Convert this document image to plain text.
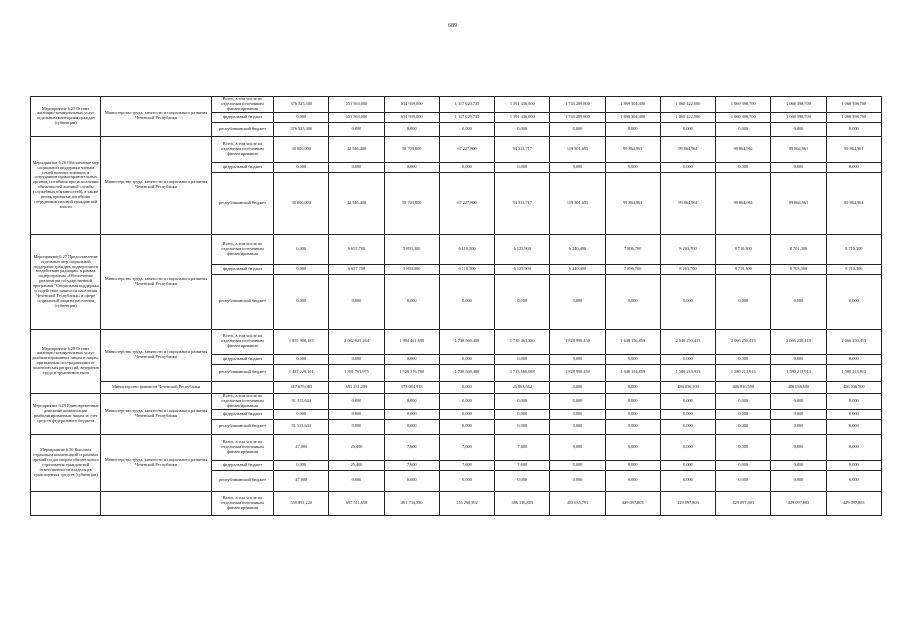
689
Мероприятие 6.25 Оплата жилищно-коммунальных услуг отдельным категориям граждан (субвенции)	Министерство труда, занятости и социального развития Чеченской Республики	Всего, в том числе по отдельным источникам финансирования	376 525,300	551 563,000	654 939,000	1 117 020,735	1 591 436,000	1 743 289,800	1 899 304,400	1 060 422,500	1 069 398,700	1 068 398,700	1 068 398,700
		федеральный бюджет	0,000	551 563,000	654 939,000	1 117 020,735	1 591 436,000	1 743 289,800	1 899 304,400	1 060 422,500	1 060 398,700	1 068 398,700	1 068 398,700
		республиканский бюджет	376 525,300	0,000	0,000	0,000	0,000	0,000	0,000	0,000	0,000	0,000	0,000
Мероприятие 6.26 Обеспечение мер социальной поддержки членам семей военнослужащих и сотрудников правоохранительных органов, погибших при исполнении обязанностей военной службы (служебных обязанностей), а также вновь принятые погибших сотрудников силовой гражданской власти	Министерство труда, занятости и социального развития Чеченской Республики	Всего, в том числе по отдельным источникам финансирования	30 000,000	32 546,400	58 703,800	67 227,800	94 313,717	119 301,695	99 864,961	99 864,961	99 864,961	99 864,961	99 864,961
		федеральный бюджет	0,000	0,000	0,000	0,000	0,000	0,000	0,000	0,000	0,000	0,000	0,000
		республиканский бюджет	30 000,000	32 546,400	58 703,800	67 227,800	94 313,717	119 301,695	99 864,961	99 864,961	99 864,961	99 864,961	99 864,961
Мероприятие 6.27 Предоставление отдельных мер социальной поддержки граждан, подвергшихся воздействию радиации, в рамках подпрограммы «Обеспечение реализации государственной программы "Социальная поддержка и содействие занятости населения Чеченской Республики» в сфере социальной защиты населения (субвенции)	Министерство труда, занятости и социального развития Чеченской Республики	Всего, в том числе по отдельным источникам финансирования	0,000	6 657,700	5 893,300	6 110,500	6 125,900	6 240,400	7 896,700	8 263,700	8 710,300	8 701,300	8 710,300
		федеральный бюджет	0,000	6 657,700	5 893,300	6 110,500	6 125,900	6 240,400	7 896,700	8 263,700	8 710,300	8 703,300	8 710,300
		республиканский бюджет	0,000	0,000	0,000	0,000	0,000	0,000	0,000	0,000	0,000	0,000	0,000
Мероприятие 6.28 Оплата жилищно-коммунальных услуг реабилитированных лицам и лицам, признанным пострадавшими от политических репрессий, ветеранов труда и тружеников тыла	Министерство труда, занятости и социального развития Чеченской Республики	Всего, в том числе по отдельным источникам финансирования	1 855 908,183	2 082 023,264	1 994 461,698	1 738 569,488	1 739 463,380	1 828 990,450	1 648 156,859	2 046 250,413	2 066 250,413	2 066 250,413	2 066 250,413
		федеральный бюджет	0,000	0,000	0,000	0,000	0,000	0,000	0,000	0,000	0,000	0,000	0,000
		республиканский бюджет	1 437 229,101	1 391 791,975	1 520 376,780	1 738 569,488	1 713 560,088	1 828 990,450	1 648 154,859	1 580 213,913	1 580 213,913	1 580 213,913	1 580 213,913
	Министерство финансов Чеченской Республики		417 679,083	691 231,289	573 084,918	0,000	25 863,662	0,000	0,000	486 036,500	486 036,500	486 036,500	486 036,500
Мероприятие 6.29 Единовременные денежные компенсации реабилитированным лицам за счет средств федерального бюджета	Министерство труда, занятости и социального развития Чеченской Республики	Всего, в том числе по отдельным источникам финансирования	91 313,644	0,000	0,000	0,000	0,000	0,000	0,000	0,000	0,000	0,000	0,000
		федеральный бюджет	0,000	0,000	0,000	0,000	0,000	0,000	0,000	0,000	0,000	0,000	0,000
		республиканский бюджет	91 313,644	0,000	0,000	0,000	0,000	0,000	0,000	0,000	0,000	0,000	0,000
Мероприятие 6.30 Выплаты страховым компенсаций страховых премий по договорам обязательного страхования гражданской ответственности владельцев транспортных средств (субвенции)	Министерство труда, занятости и социального развития Чеченской Республики	Всего, в том числе по отдельным источникам финансирования	47,000	25,400	7,600	7,600	7,600	0,000	0,000	0,000	0,000	0,000	0,000
		федеральный бюджет	0,000	25,400	7,600	7,600	7,600	0,000	0,000	0,000	0,000	0,000	0,000
		республиканский бюджет	47,000	0,000	0,000	0,000	0,000	0,000	0,000	0,000	0,000	0,000	0,000
		Всего, в том числе по отдельным источникам финансирования	559 891,220	697 511,658	461 734,530	116 290,392	386 136,805	453 035,791	429 097,803	429 097,803	429 097,803	429 097,803	429 097,803
